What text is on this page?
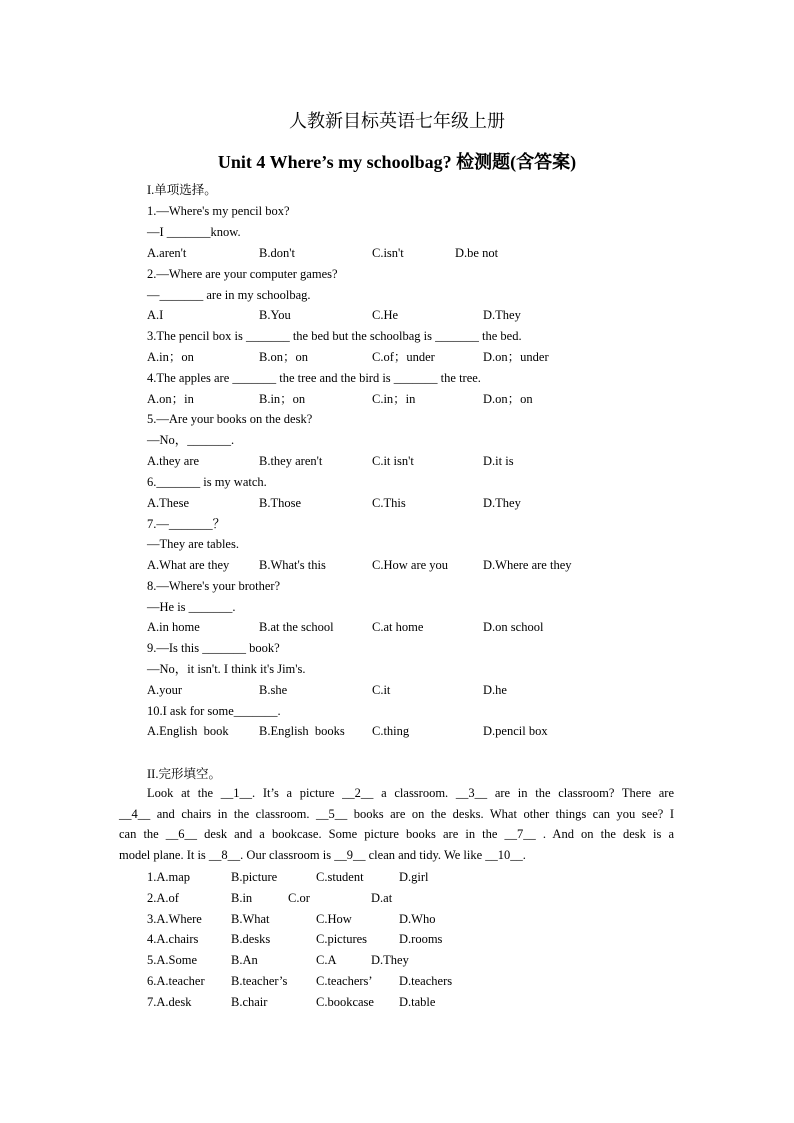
人教新目标英语七年级上册
Unit 4 Where’s my schoolbag? 检测题(含答案)
I.单项选择。
1.—Where's my pencil box?
—I _______know.
A.aren't	B.don't	C.isn't	D.be not
2.—Where are your computer games?
—_______ are in my schoolbag.
A.I	B.You	C.He	D.They
3.The pencil box is _______ the bed but the schoolbag is _______ the bed.
A.in；on	B.on；on	C.of；under	D.on；under
4.The apples are _______ the tree and the bird is _______ the tree.
A.on；in	B.in；on	C.in；in	D.on；on
5.—Are your books on the desk?
—No，_______.
A.they are	B.they aren't	C.it isn't	D.it is
6._______ is my watch.
A.These	B.Those	C.This	D.They
7.—_______？
—They are tables.
A.What are they B.What's this	C.How are you	D.Where are they
8.—Where's your brother?
—He is _______.
A.in home	B.at the school	C.at home	D.on school
9.—Is this _______ book?
—No，it isn't. I think it's Jim's.
A.your	B.she	C.it	D.he
10.I ask for some_______.
A.English  book B.English  books C.thing	D.pencil box
II.完形填空。
Look at the __1__. It’s a picture __2__ a classroom. __3__ are in the classroom? There are
__4__ and chairs in the classroom. __5__ books are on the desks. What other things can you see? I
can the __6__ desk and a bookcase. Some picture books are in the __7__ . And on the desk is a
model plane. It is __8__. Our classroom is __9__ clean and tidy. We like __10__.
1.A.map	B.picture	C.student	D.girl
2.A.of	B.in	C.or	D.at
3.A.Where B.What	C.How	D.Who
4.A.chairs	B.desks	C.pictures	D.rooms
5.A.Some	B.An	C.A	D.They
6.A.teacher B.teacher’s C.teachers’ D.teachers
7.A.desk	B.chair	C.bookcase D.table
